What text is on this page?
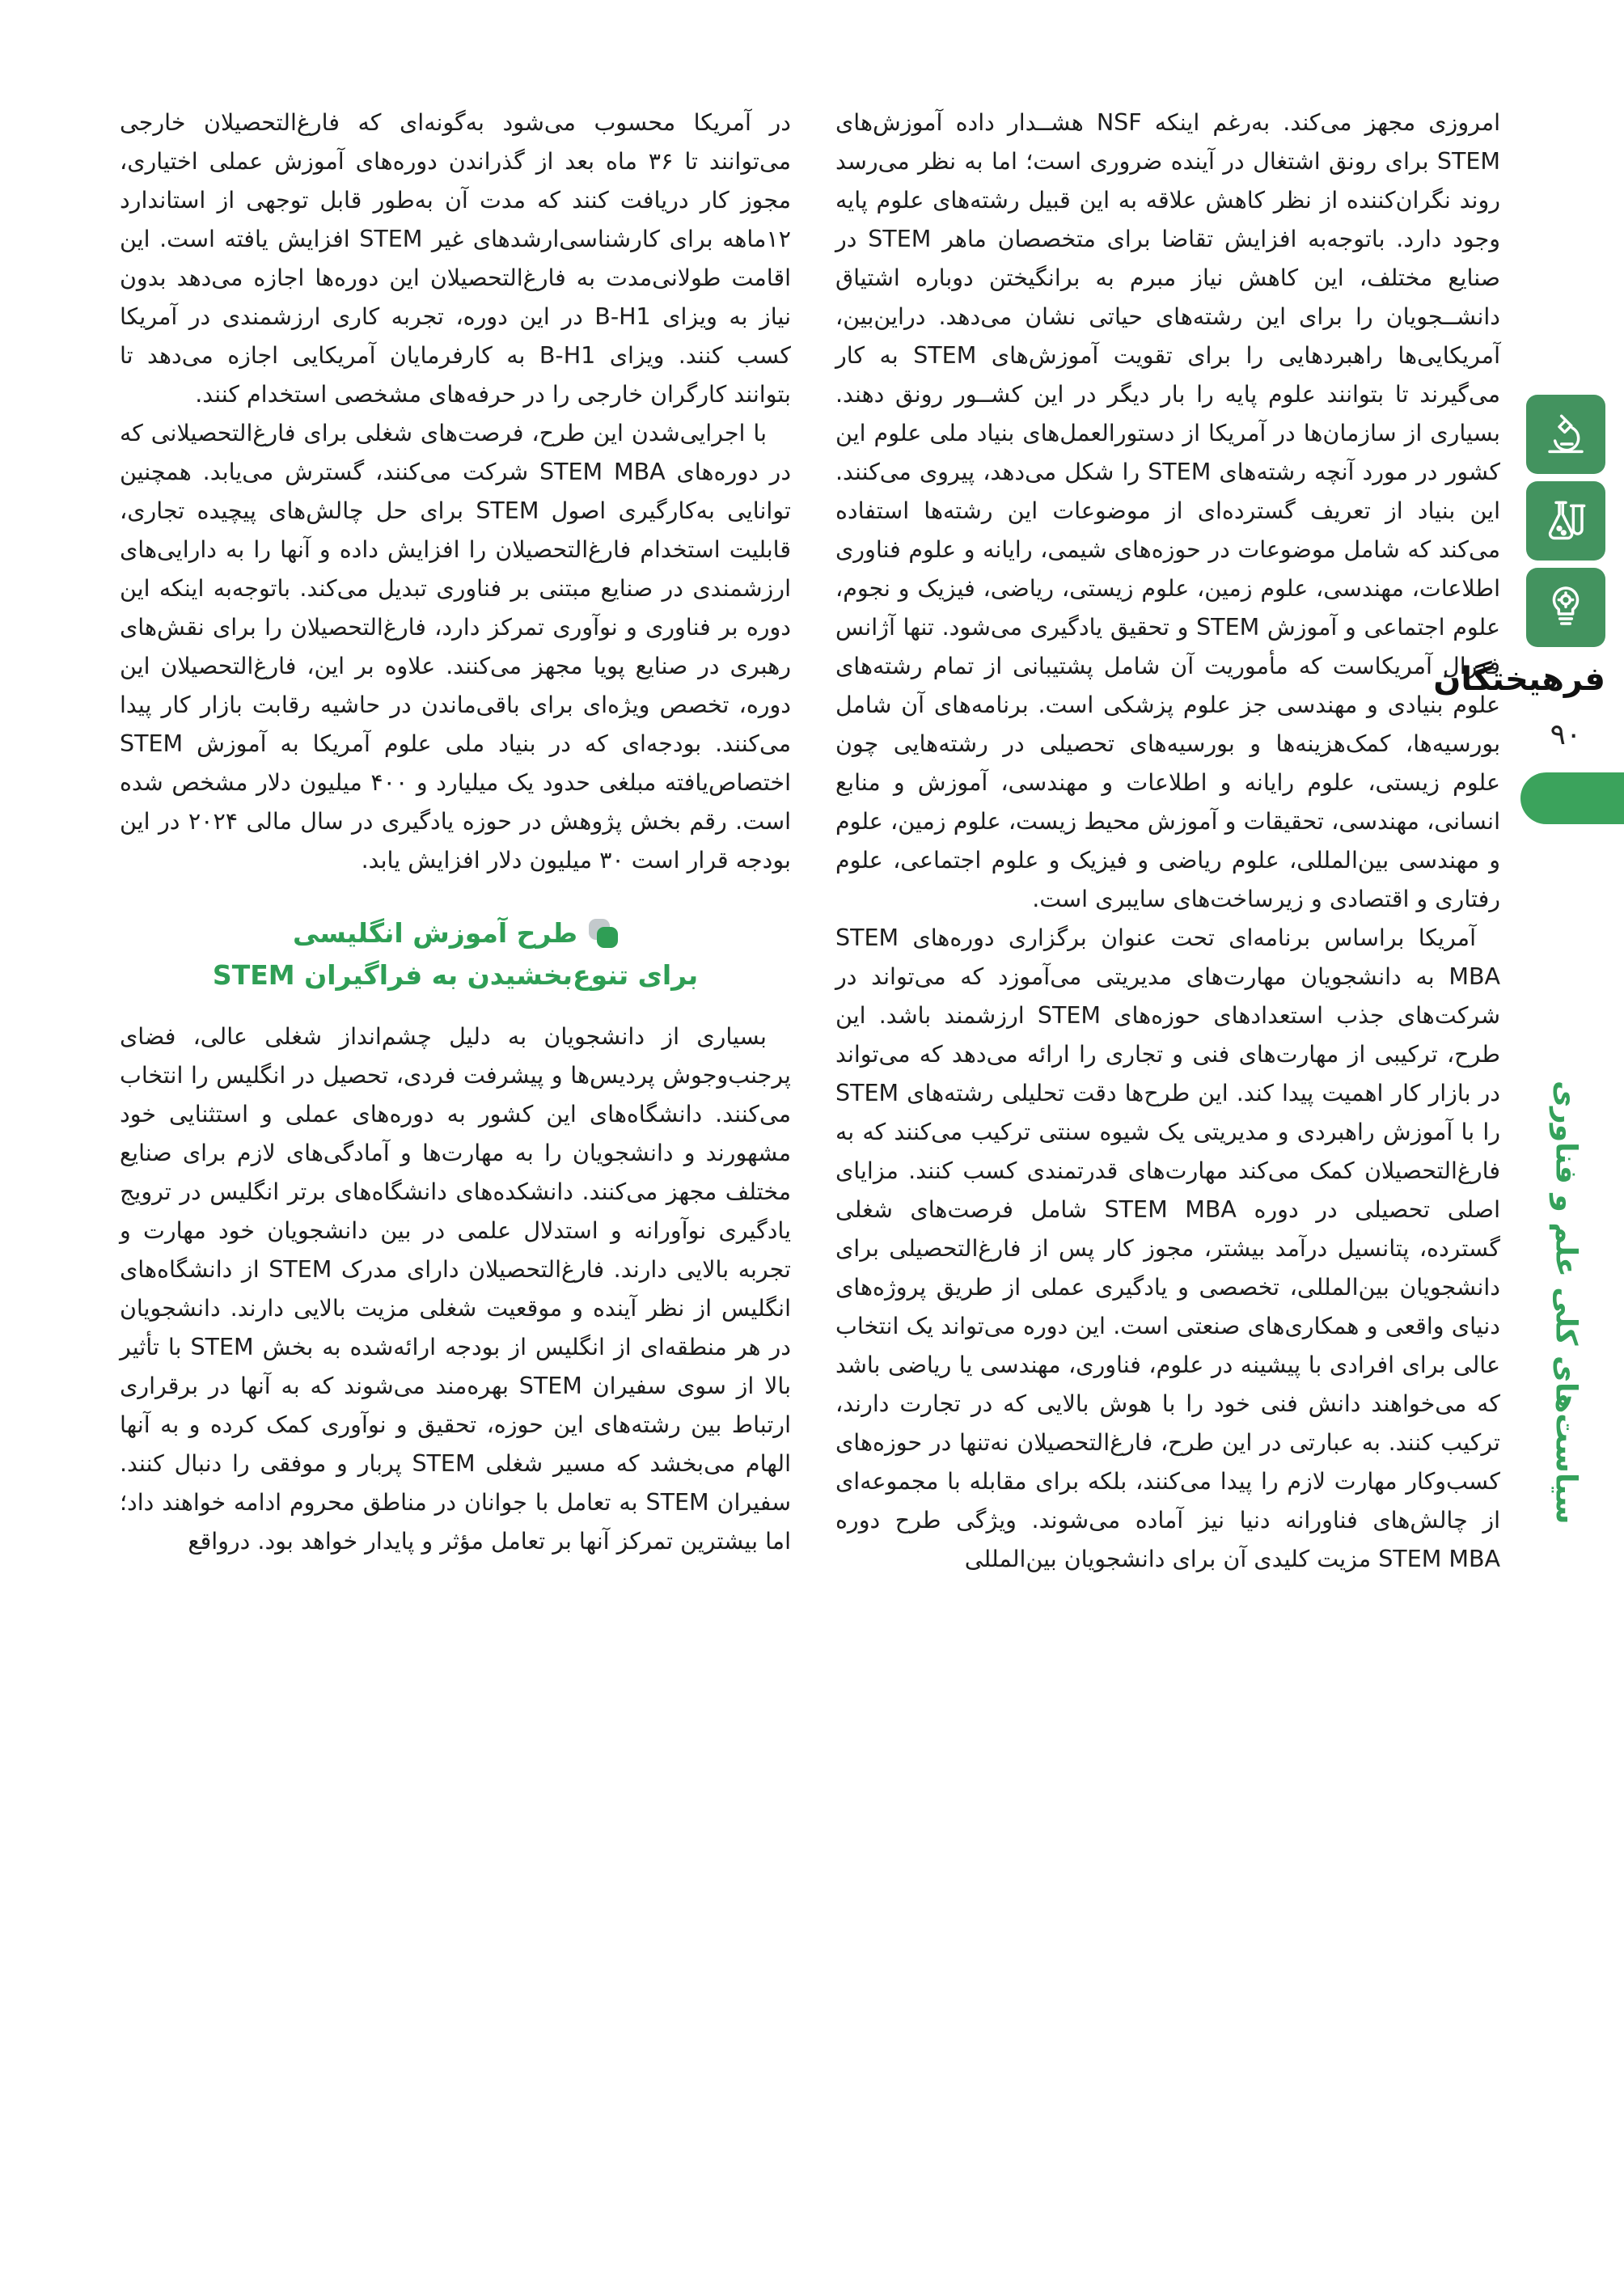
امروزی مجهز می‌کند. به‌رغم اینکه NSF هشــدار داده آموزش‌های STEM برای رونق اشتغال در آینده ضروری است؛ اما به نظر می‌رسد روند نگران‌کننده از نظر کاهش علاقه به این قبیل رشته‌های علوم پایه وجود دارد. باتوجه‌به افزایش تقاضا برای متخصصان ماهر STEM در صنایع مختلف، این کاهش نیاز مبرم به برانگیختن دوباره اشتیاق دانشــجویان را برای این رشته‌های حیاتی نشان می‌دهد. دراین‌بین، آمریکایی‌ها راهبردهایی را برای تقویت آموزش‌های STEM به کار می‌گیرند تا بتوانند علوم پایه را بار دیگر در این کشــور رونق دهند. بسیاری از سازمان‌ها در آمریکا از دستورالعمل‌های بنیاد ملی علوم این کشور در مورد آنچه رشته‌های STEM را شکل می‌دهد، پیروی می‌کنند. این بنیاد از تعریف گسترده‌ای از موضوعات این رشته‌ها استفاده می‌کند که شامل موضوعات در حوزه‌های شیمی، رایانه و علوم فناوری اطلاعات، مهندسی، علوم زمین، علوم زیستی، ریاضی، فیزیک و نجوم، علوم اجتماعی و آموزش STEM و تحقیق یادگیری می‌شود. تنها آژانس فدرال آمریکاست که مأموریت آن شامل پشتیبانی از تمام رشته‌های علوم بنیادی و مهندسی جز علوم پزشکی است. برنامه‌های آن شامل بورسیه‌ها، کمک‌هزینه‌ها و بورسیه‌های تحصیلی در رشته‌هایی چون علوم زیستی، علوم رایانه و اطلاعات و مهندسی، آموزش و منابع انسانی، مهندسی، تحقیقات و آموزش محیط زیست، علوم زمین، علوم و مهندسی بین‌المللی، علوم ریاضی و فیزیک و علوم اجتماعی، علوم رفتاری و اقتصادی و زیرساخت‌های سایبری است.

آمریکا براساس برنامه‌ای تحت عنوان برگزاری دوره‌های STEM MBA به دانشجویان مهارت‌های مدیریتی می‌آموزد که می‌تواند در شرکت‌های جذب استعدادهای حوزه‌های STEM ارزشمند باشد. این طرح، ترکیبی از مهارت‌های فنی و تجاری را ارائه می‌دهد که می‌تواند در بازار کار اهمیت پیدا کند. این طرح‌ها دقت تحلیلی رشته‌های STEM را با آموزش راهبردی و مدیریتی یک شیوه سنتی ترکیب می‌کنند که به فارغ‌التحصیلان کمک می‌کند مهارت‌های قدرتمندی کسب کنند. مزایای اصلی تحصیلی در دوره STEM MBA شامل فرصت‌های شغلی گسترده، پتانسیل درآمد بیشتر، مجوز کار پس از فارغ‌التحصیلی برای دانشجویان بین‌المللی، تخصصی و یادگیری عملی از طریق پروژه‌های دنیای واقعی و همکاری‌های صنعتی است. این دوره می‌تواند یک انتخاب عالی برای افرادی با پیشینه در علوم، فناوری، مهندسی یا ریاضی باشد که می‌خواهند دانش فنی خود را با هوش بالایی که در تجارت دارند، ترکیب کنند. به عبارتی در این طرح، فارغ‌التحصیلان نه‌تنها در حوزه‌های کسب‌وکار مهارت لازم را پیدا می‌کنند، بلکه برای مقابله با مجموعه‌ای از چالش‌های فناورانه دنیا نیز آماده می‌شوند. ویژگی طرح دوره STEM MBA مزیت کلیدی آن برای دانشجویان بین‌المللی

در آمریکا محسوب می‌شود به‌گونه‌ای که فارغ‌التحصیلان خارجی می‌توانند تا ۳۶ ماه بعد از گذراندن دوره‌های آموزش عملی اختیاری، مجوز کار دریافت کنند که مدت آن به‌طور قابل توجهی از استاندارد ۱۲ماهه برای کارشناسی‌ارشدهای غیر STEM افزایش یافته است. این اقامت طولانی‌مدت به فارغ‌التحصیلان این دوره‌ها اجازه می‌دهد بدون نیاز به ویزای B-H1 در این دوره، تجربه کاری ارزشمندی در آمریکا کسب کنند. ویزای B-H1 به کارفرمایان آمریکایی اجازه می‌دهد تا بتوانند کارگران خارجی را در حرفه‌های مشخصی استخدام کنند.

با اجرایی‌شدن این طرح، فرصت‌های شغلی برای فارغ‌التحصیلانی که در دوره‌های STEM MBA شرکت می‌کنند، گسترش می‌یابد. همچنین توانایی به‌کارگیری اصول STEM برای حل چالش‌های پیچیده تجاری، قابلیت استخدام فارغ‌التحصیلان را افزایش داده و آنها را به دارایی‌های ارزشمندی در صنایع مبتنی بر فناوری تبدیل می‌کند. باتوجه‌به اینکه این دوره بر فناوری و نوآوری تمرکز دارد، فارغ‌التحصیلان را برای نقش‌های رهبری در صنایع پویا مجهز می‌کنند. علاوه بر این، فارغ‌التحصیلان این دوره، تخصص ویژه‌ای برای باقی‌ماندن در حاشیه رقابت بازار کار پیدا می‌کنند. بودجه‌ای که در بنیاد ملی علوم آمریکا به آموزش STEM اختصاص‌یافته مبلغی حدود یک میلیارد و ۴۰۰ میلیون دلار مشخص شده است. رقم بخش پژوهش در حوزه یادگیری در سال مالی ۲۰۲۴ در این بودجه قرار است ۳۰ میلیون دلار افزایش یابد.

طرح آموزش انگلیسی
برای تنوع‌بخشیدن به فراگیران STEM

بسیاری از دانشجویان به دلیل چشم‌انداز شغلی عالی، فضای پرجنب‌وجوش پردیس‌ها و پیشرفت فردی، تحصیل در انگلیس را انتخاب می‌کنند. دانشگاه‌های این کشور به دوره‌های عملی و استثنایی خود مشهورند و دانشجویان را به مهارت‌ها و آمادگی‌های لازم برای صنایع مختلف مجهز می‌کنند. دانشکده‌های دانشگاه‌های برتر انگلیس در ترویج یادگیری نوآورانه و استدلال علمی در بین دانشجویان خود مهارت و تجربه بالایی دارند. فارغ‌التحصیلان دارای مدرک STEM از دانشگاه‌های انگلیس از نظر آینده و موقعیت شغلی مزیت بالایی دارند. دانشجویان در هر منطقه‌ای از انگلیس از بودجه ارائه‌شده به بخش STEM با تأثیر بالا از سوی سفیران STEM بهره‌مند می‌شوند که به آنها در برقراری ارتباط بین رشته‌های این حوزه، تحقیق و نوآوری کمک کرده و به آنها الهام می‌بخشد که مسیر شغلی STEM پربار و موفقی را دنبال کنند. سفیران STEM به تعامل با جوانان در مناطق محروم ادامه خواهند داد؛ اما بیشترین تمرکز آنها بر تعامل مؤثر و پایدار خواهد بود. درواقع

فرهیختگان
۹۰
سیاست‌های کلی علم و فناوری
